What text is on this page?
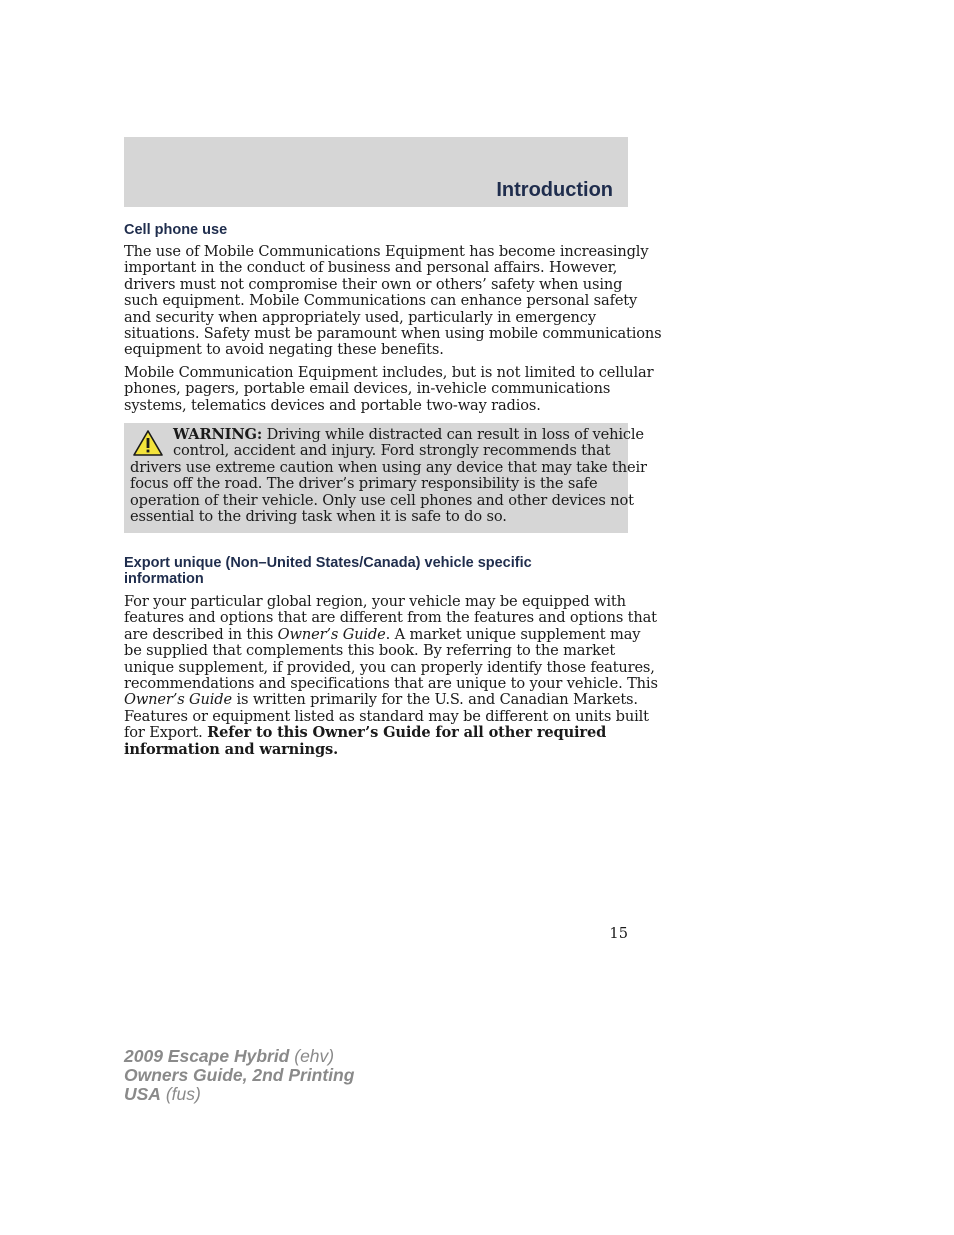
Introduction
Cell phone use
The use of Mobile Communications Equipment has become increasingly
important in the conduct of business and personal affairs. However,
drivers must not compromise their own or others’ safety when using
such equipment. Mobile Communications can enhance personal safety
and security when appropriately used, particularly in emergency
situations. Safety must be paramount when using mobile communications
equipment to avoid negating these benefits.
Mobile Communication Equipment includes, but is not limited to cellular
phones, pagers, portable email devices, in-vehicle communications
systems, telematics devices and portable two-way radios.
WARNING: Driving while distracted can result in loss of vehicle
control, accident and injury. Ford strongly recommends that
drivers use extreme caution when using any device that may take their
focus off the road. The driver’s primary responsibility is the safe
operation of their vehicle. Only use cell phones and other devices not
essential to the driving task when it is safe to do so.
Export unique (Non–United States/Canada) vehicle specific
information
For your particular global region, your vehicle may be equipped with
features and options that are different from the features and options that
are described in this Owner’s Guide. A market unique supplement may
be supplied that complements this book. By referring to the market
unique supplement, if provided, you can properly identify those features,
recommendations and specifications that are unique to your vehicle. This
Owner’s Guide is written primarily for the U.S. and Canadian Markets.
Features or equipment listed as standard may be different on units built
for Export. Refer to this Owner’s Guide for all other required
information and warnings.
15
2009 Escape Hybrid (ehv)
Owners Guide, 2nd Printing
USA (fus)
